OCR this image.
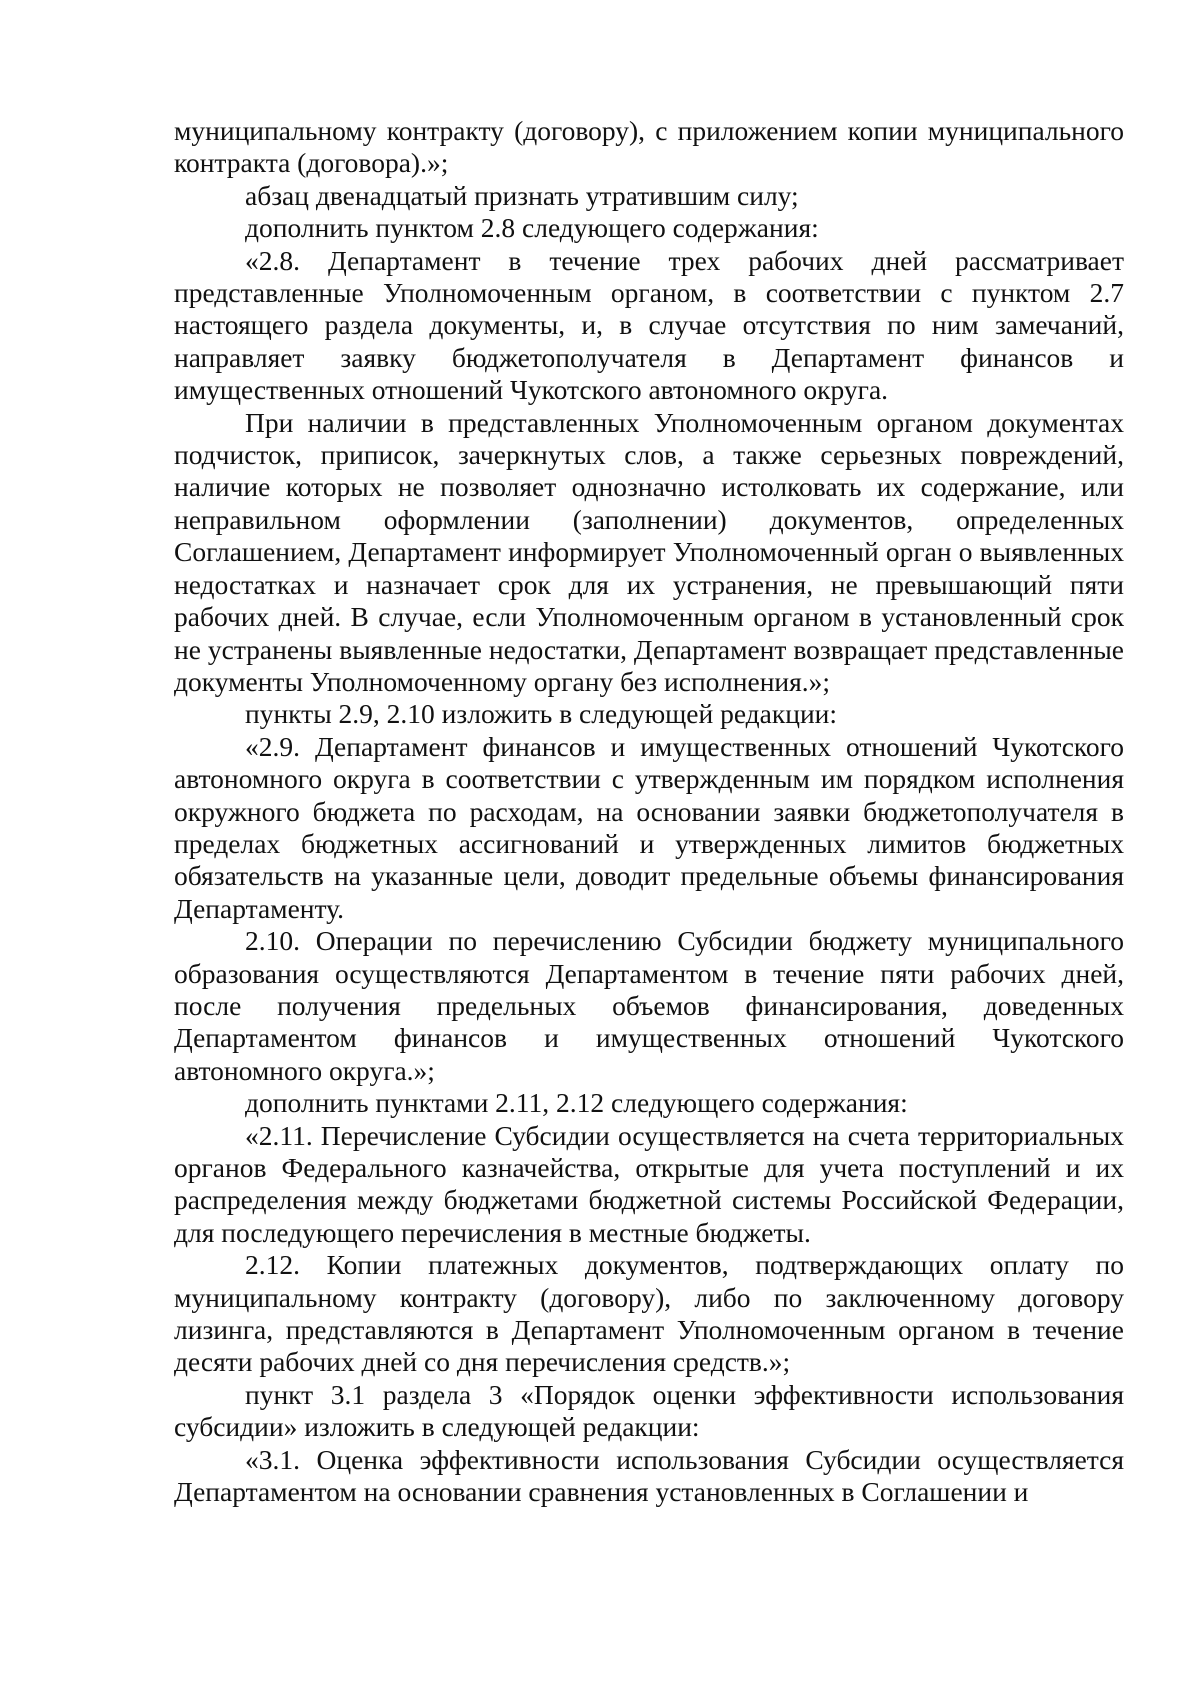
муниципальному контракту (договору), с приложением копии муниципального контракта (договора).»;

абзац двенадцатый признать утратившим силу;

дополнить пунктом 2.8 следующего содержания:

«2.8. Департамент в течение трех рабочих дней рассматривает представленные Уполномоченным органом, в соответствии с пунктом 2.7 настоящего раздела документы, и, в случае отсутствия по ним замечаний, направляет заявку бюджетополучателя в Департамент финансов и имущественных отношений Чукотского автономного округа.

При наличии в представленных Уполномоченным органом документах подчисток, приписок, зачеркнутых слов, а также серьезных повреждений, наличие которых не позволяет однозначно истолковать их содержание, или неправильном оформлении (заполнении) документов, определенных Соглашением, Департамент информирует Уполномоченный орган о выявленных недостатках и назначает срок для их устранения, не превышающий пяти рабочих дней. В случае, если Уполномоченным органом в установленный срок не устранены выявленные недостатки, Департамент возвращает представленные документы Уполномоченному органу без исполнения.»;

пункты 2.9, 2.10 изложить в следующей редакции:

«2.9. Департамент финансов и имущественных отношений Чукотского автономного округа в соответствии с утвержденным им порядком исполнения окружного бюджета по расходам, на основании заявки бюджетополучателя в пределах бюджетных ассигнований и утвержденных лимитов бюджетных обязательств на указанные цели, доводит предельные объемы финансирования Департаменту.

2.10. Операции по перечислению Субсидии бюджету муниципального образования осуществляются Департаментом в течение пяти рабочих дней, после получения предельных объемов финансирования, доведенных Департаментом финансов и имущественных отношений Чукотского автономного округа.»;

дополнить пунктами 2.11, 2.12 следующего содержания:

«2.11. Перечисление Субсидии осуществляется на счета территориальных органов Федерального казначейства, открытые для учета поступлений и их распределения между бюджетами бюджетной системы Российской Федерации, для последующего перечисления в местные бюджеты.

2.12. Копии платежных документов, подтверждающих оплату по муниципальному контракту (договору), либо по заключенному договору лизинга, представляются в Департамент Уполномоченным органом в течение десяти рабочих дней со дня перечисления средств.»;

пункт 3.1 раздела 3 «Порядок оценки эффективности использования субсидии» изложить в следующей редакции:

«3.1. Оценка эффективности использования Субсидии осуществляется Департаментом на основании сравнения установленных в Соглашении и
